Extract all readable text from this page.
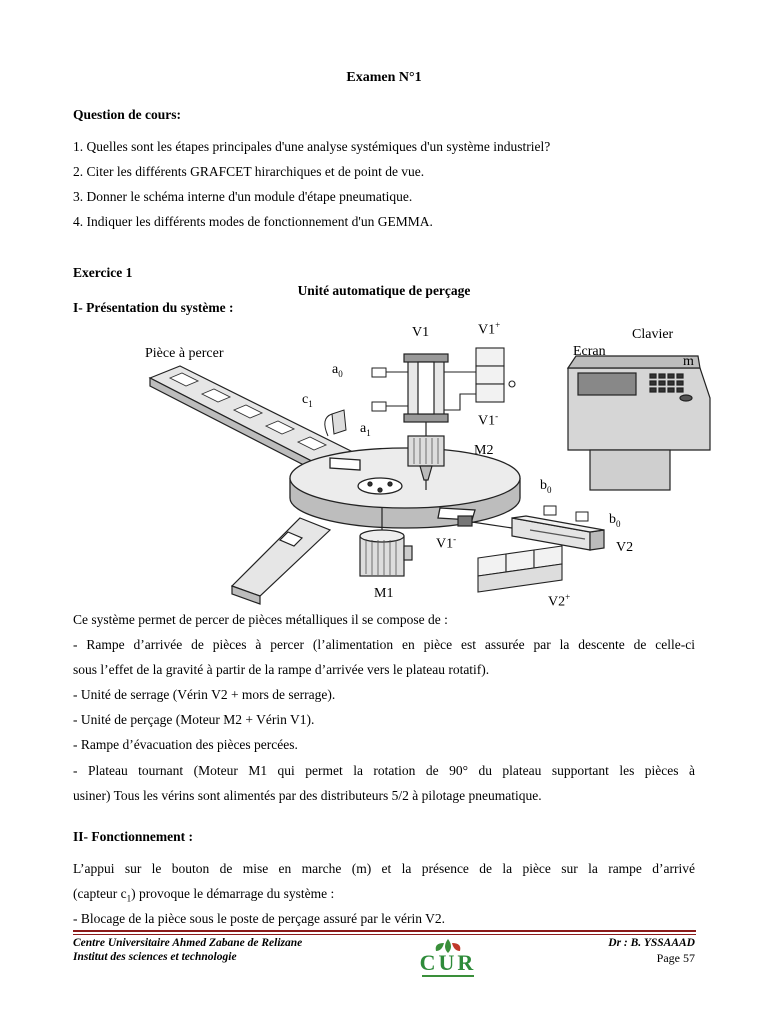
Examen N°1
Question de cours:
1. Quelles sont les étapes principales d'une analyse systémiques d'un système industriel?
2. Citer les différents GRAFCET hirarchiques et de point de vue.
3. Donner le schéma interne d'un module d'étape pneumatique.
4. Indiquer les différents modes de fonctionnement d'un GEMMA.
Exercice 1
Unité automatique de perçage
I- Présentation du système :
Pièce à percer
V1	V1+
V1-
$a_0$
$a_1$
$c_1$
M2
M1
$b_0$
$b_0$
V1-
V2
V2+
Ecran
Clavier
m
Ce système permet de percer de pièces métalliques il se compose de :
- Rampe d’arrivée de pièces à percer (l’alimentation en pièce est assurée par la descente de celle-ci
sous l’effet de la gravité à partir de la rampe d’arrivée vers le plateau rotatif).
- Unité de serrage (Vérin V2 + mors de serrage).
- Unité de perçage (Moteur M2 + Vérin V1).
- Rampe d’évacuation des pièces percées.
- Plateau tournant (Moteur M1 qui permet la rotation de 90° du plateau supportant les pièces à
usiner) Tous les vérins sont alimentés par des distributeurs 5/2 à pilotage pneumatique.
II- Fonctionnement :
L’appui sur le bouton de mise en marche (m) et la présence de la pièce sur la rampe d’arrivé
(capteur $c_1$) provoque le démarrage du système :
- Blocage de la pièce sous le poste de perçage assuré par le vérin V2.
Centre Universitaire Ahmed Zabane de Relizane
Institut des sciences et technologie
Dr : B. YSSAAAD
Page 57
CUR
